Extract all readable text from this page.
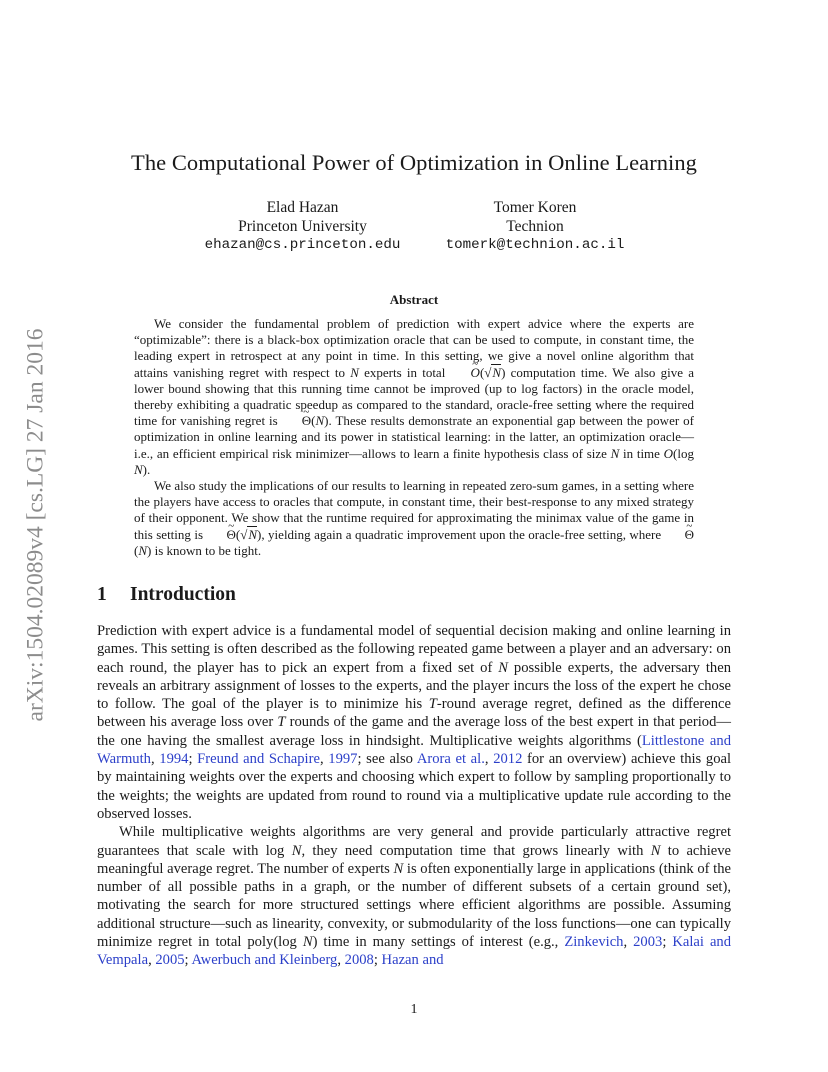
arXiv:1504.02089v4 [cs.LG] 27 Jan 2016
The Computational Power of Optimization in Online Learning
Elad Hazan
Princeton University
ehazan@cs.princeton.edu
Tomer Koren
Technion
tomerk@technion.ac.il
Abstract

We consider the fundamental problem of prediction with expert advice where the experts are “optimizable”: there is a black-box optimization oracle that can be used to compute, in constant time, the leading expert in retrospect at any point in time. In this setting, we give a novel online algorithm that attains vanishing regret with respect to N experts in total ~ O(√N) computation time. We also give a lower bound showing that this running time cannot be improved (up to log factors) in the oracle model, thereby exhibiting a quadratic speedup as compared to the standard, oracle-free setting where the required time for vanishing regret is ~ Θ(N). These results demonstrate an exponential gap between the power of optimization in online learning and its power in statistical learning: in the latter, an optimization oracle—i.e., an efficient empirical risk minimizer—allows to learn a finite hypothesis class of size N in time O(log N).

We also study the implications of our results to learning in repeated zero-sum games, in a setting where the players have access to oracles that compute, in constant time, their best-response to any mixed strategy of their opponent. We show that the runtime required for approximating the minimax value of the game in this setting is ~ Θ(√N), yielding again a quadratic improvement upon the oracle-free setting, where ~ Θ(N) is known to be tight.

1 Introduction

Prediction with expert advice is a fundamental model of sequential decision making and online learning in games. This setting is often described as the following repeated game between a player and an adversary: on each round, the player has to pick an expert from a fixed set of N possible experts, the adversary then reveals an arbitrary assignment of losses to the experts, and the player incurs the loss of the expert he chose to follow. The goal of the player is to minimize his T-round average regret, defined as the difference between his average loss over T rounds of the game and the average loss of the best expert in that period—the one having the smallest average loss in hindsight. Multiplicative weights algorithms (Littlestone and Warmuth, 1994; Freund and Schapire, 1997; see also Arora et al., 2012 for an overview) achieve this goal by maintaining weights over the experts and choosing which expert to follow by sampling proportionally to the weights; the weights are updated from round to round via a multiplicative update rule according to the observed losses.

While multiplicative weights algorithms are very general and provide particularly attractive regret guarantees that scale with log N, they need computation time that grows linearly with N to achieve meaningful average regret. The number of experts N is often exponentially large in applications (think of the number of all possible paths in a graph, or the number of different subsets of a certain ground set), motivating the search for more structured settings where efficient algorithms are possible. Assuming additional structure—such as linearity, convexity, or submodularity of the loss functions—one can typically minimize regret in total poly(log N) time in many settings of interest (e.g., Zinkevich, 2003; Kalai and Vempala, 2005; Awerbuch and Kleinberg, 2008; Hazan and

1
